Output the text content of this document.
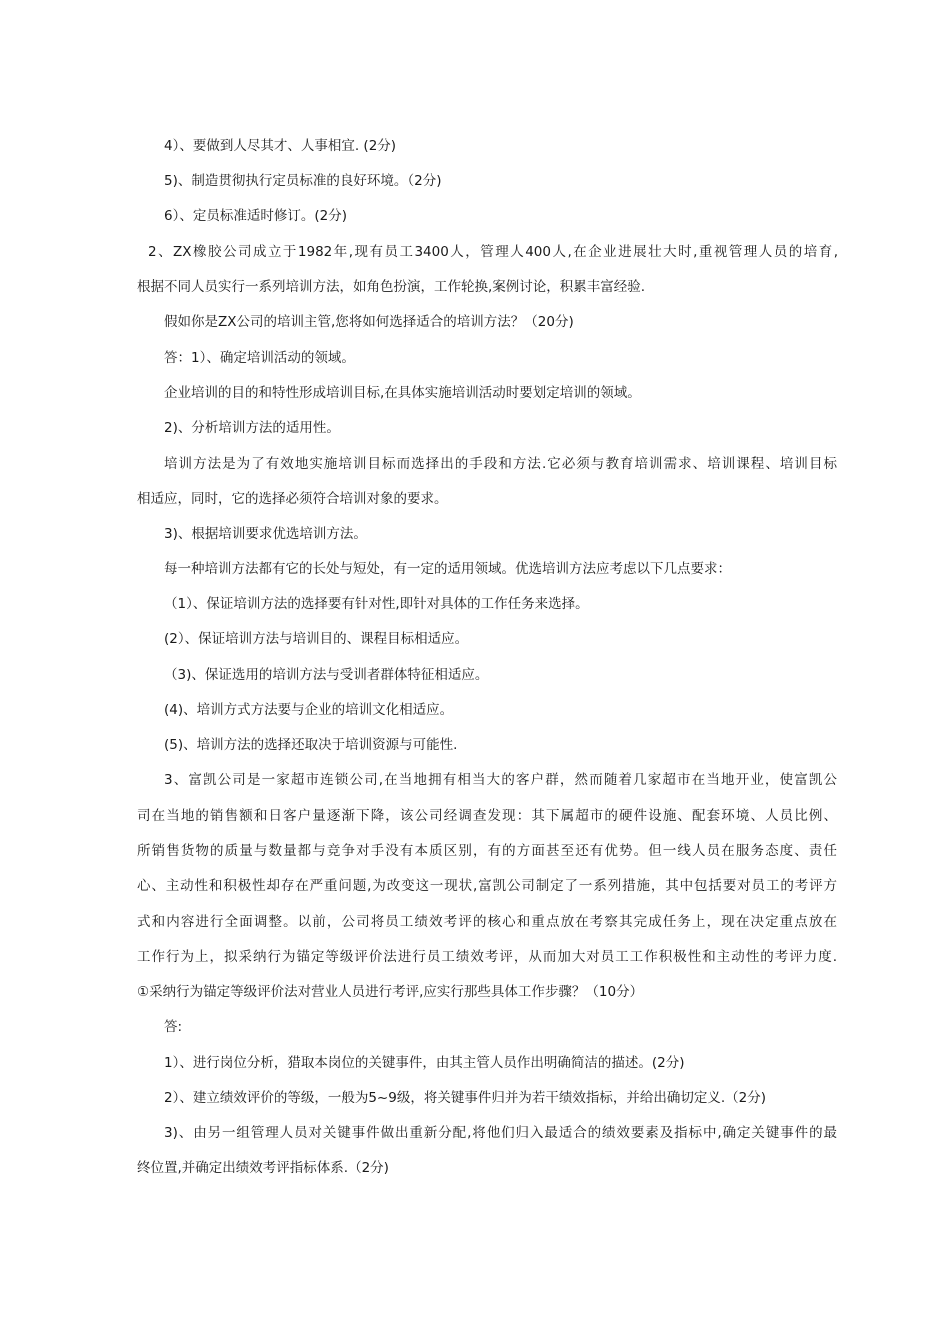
4）、要做到人尽其才、人事相宜. (2分)
5)、制造贯彻执行定员标准的良好环境。（2分)
6）、定员标准适时修订。(2分)
2、ZX橡胶公司成立于1982年,现有员工3400人，管理人400人,在企业进展壮大时,重视管理人员的培育,
根据不同人员实行一系列培训方法，如角色扮演，工作轮换,案例讨论，积累丰富经验.
假如你是ZX公司的培训主管,您将如何选择适合的培训方法？（20分)
答：1）、确定培训活动的领域。
企业培训的目的和特性形成培训目标,在具体实施培训活动时要划定培训的领域。
2)、分析培训方法的适用性。
培训方法是为了有效地实施培训目标而选择出的手段和方法.它必须与教育培训需求、培训课程、培训目标
相适应，同时，它的选择必须符合培训对象的要求。
3)、根据培训要求优选培训方法。
每一种培训方法都有它的长处与短处，有一定的适用领域。优选培训方法应考虑以下几点要求：
（1）、保证培训方法的选择要有针对性,即针对具体的工作任务来选择。
(2）、保证培训方法与培训目的、课程目标相适应。
（3)、保证选用的培训方法与受训者群体特征相适应。
(4)、培训方式方法要与企业的培训文化相适应。
(5)、培训方法的选择还取决于培训资源与可能性.
3、富凯公司是一家超市连锁公司,在当地拥有相当大的客户群，然而随着几家超市在当地开业，使富凯公
司在当地的销售额和日客户量逐渐下降，该公司经调查发现：其下属超市的硬件设施、配套环境、人员比例、
所销售货物的质量与数量都与竞争对手没有本质区别，有的方面甚至还有优势。但一线人员在服务态度、责任
心、主动性和积极性却存在严重问题,为改变这一现状,富凯公司制定了一系列措施，其中包括要对员工的考评方
式和内容进行全面调整。以前，公司将员工绩效考评的核心和重点放在考察其完成任务上，现在决定重点放在
工作行为上，拟采纳行为锚定等级评价法进行员工绩效考评，从而加大对员工工作积极性和主动性的考评力度.
①采纳行为锚定等级评价法对营业人员进行考评,应实行那些具体工作步骤？（10分）
答:
1）、进行岗位分析，猎取本岗位的关键事件，由其主管人员作出明确简洁的描述。(2分)
2）、建立绩效评价的等级，一般为5~9级，将关键事件归并为若干绩效指标，并给出确切定义.（2分)
3)、由另一组管理人员对关键事件做出重新分配,将他们归入最适合的绩效要素及指标中,确定关键事件的最
终位置,并确定出绩效考评指标体系.（2分)
